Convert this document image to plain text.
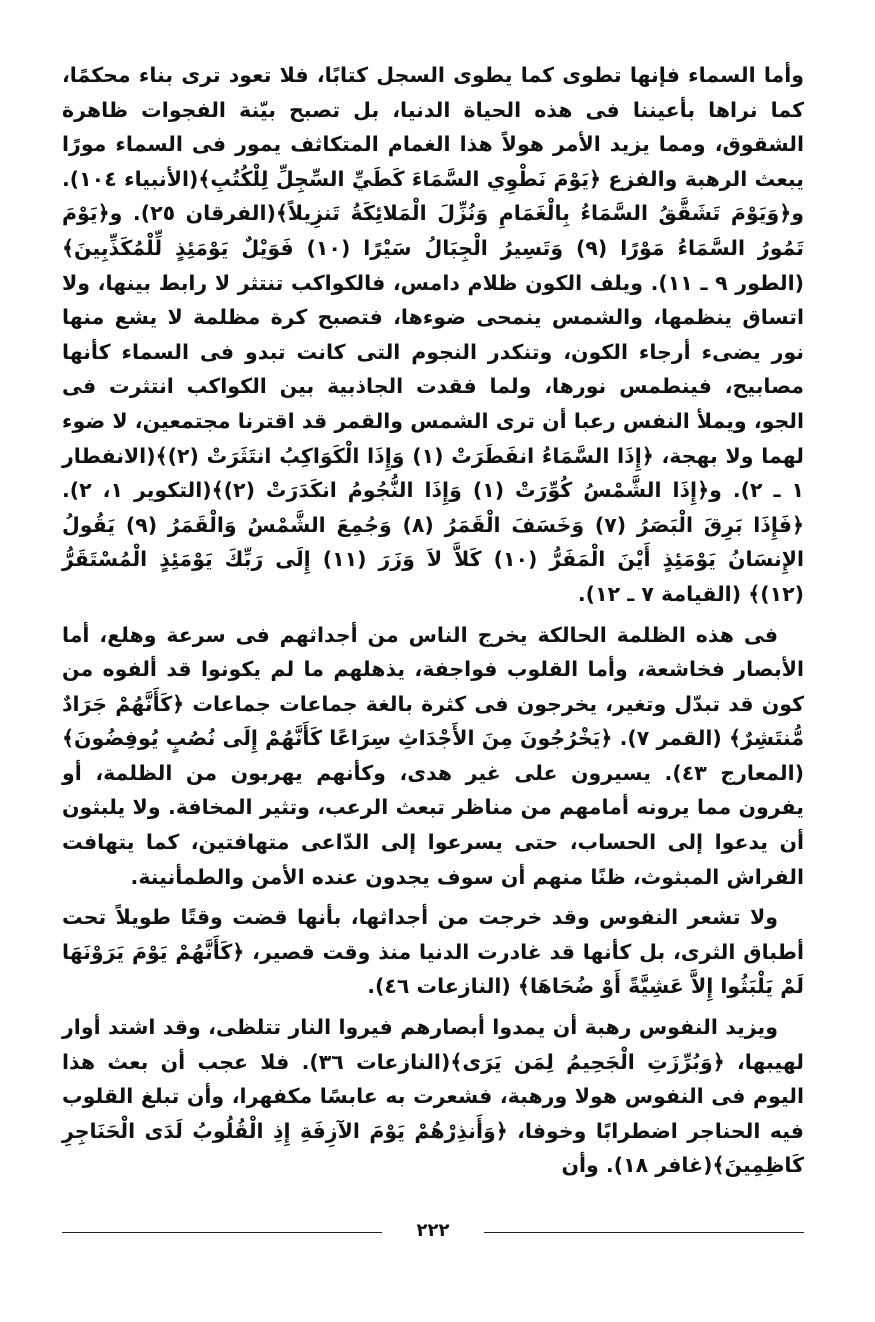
وأما السماء فإنها تطوى كما يطوى السجل كتابًا، فلا تعود ترى بناء محكمًا، كما نراها بأعيننا فى هذه الحياة الدنيا، بل تصبح بيّنة الفجوات ظاهرة الشقوق، ومما يزيد الأمر هولاً هذا الغمام المتكاثف يمور فى السماء مورًا يبعث الرهبة والفزع ﴿يَوْمَ نَطْوِي السَّمَاءَ كَطَيِّ السِّجِلِّ لِلْكُتُبِ﴾(الأنبياء ١٠٤). و﴿وَيَوْمَ تَشَقَّقُ السَّمَاءُ بِالْغَمَامِ وَنُزِّلَ الْمَلائِكَةُ تَنزِيلاً﴾(الفرقان ٢٥). و﴿يَوْمَ تَمُورُ السَّمَاءُ مَوْرًا (٩) وَتَسِيرُ الْجِبَالُ سَيْرًا (١٠) فَوَيْلٌ يَوْمَئِذٍ لِّلْمُكَذِّبِينَ﴾(الطور ٩ ـ ١١). ويلف الكون ظلام دامس، فالكواكب تنتثر لا رابط بينها، ولا اتساق ينظمها، والشمس ينمحى ضوءها، فتصبح كرة مظلمة لا يشع منها نور يضىء أرجاء الكون، وتنكدر النجوم التى كانت تبدو فى السماء كأنها مصابيح، فينطمس نورها، ولما فقدت الجاذبية بين الكواكب انتثرت فى الجو، ويملأ النفس رعبا أن ترى الشمس والقمر قد اقترنا مجتمعين، لا ضوء لهما ولا بهجة، ﴿إِذَا السَّمَاءُ انفَطَرَتْ (١) وَإِذَا الْكَوَاكِبُ انتَثَرَتْ (٢)﴾(الانفطار ١ ـ ٢). و﴿إِذَا الشَّمْسُ كُوِّرَتْ (١) وَإِذَا النُّجُومُ انكَدَرَتْ (٢)﴾(التكوير ١، ٢). ﴿فَإِذَا بَرِقَ الْبَصَرُ (٧) وَخَسَفَ الْقَمَرُ (٨) وَجُمِعَ الشَّمْسُ وَالْقَمَرُ (٩) يَقُولُ الإِنسَانُ يَوْمَئِذٍ أَيْنَ الْمَفَرُّ (١٠) كَلاَّ لاَ وَزَرَ (١١) إِلَى رَبِّكَ يَوْمَئِذٍ الْمُسْتَقَرُّ (١٢)﴾ (القيامة ٧ ـ ١٢).

فى هذه الظلمة الحالكة يخرج الناس من أجداثهم فى سرعة وهلع، أما الأبصار فخاشعة، وأما القلوب فواجفة، يذهلهم ما لم يكونوا قد ألفوه من كون قد تبدّل وتغير، يخرجون فى كثرة بالغة جماعات جماعات ﴿كَأَنَّهُمْ جَرَادٌ مُّنتَشِرٌ﴾ (القمر ٧). ﴿يَخْرُجُونَ مِنَ الأَجْدَاثِ سِرَاعًا كَأَنَّهُمْ إِلَى نُصُبٍ يُوفِضُونَ﴾(المعارج ٤٣). يسيرون على غير هدى، وكأنهم يهربون من الظلمة، أو يفرون مما يرونه أمامهم من مناظر تبعث الرعب، وتثير المخافة. ولا يلبثون أن يدعوا إلى الحساب، حتى يسرعوا إلى الدّاعى متهافتين، كما يتهافت الفراش المبثوث، ظنًا منهم أن سوف يجدون عنده الأمن والطمأنينة.

ولا تشعر النفوس وقد خرجت من أجداثها، بأنها قضت وقتًا طويلاً تحت أطباق الثرى، بل كأنها قد غادرت الدنيا منذ وقت قصير، ﴿كَأَنَّهُمْ يَوْمَ يَرَوْنَهَا لَمْ يَلْبَثُوا إِلاَّ عَشِيَّةً أَوْ ضُحَاهَا﴾ (النازعات ٤٦).

ويزيد النفوس رهبة أن يمدوا أبصارهم فيروا النار تتلظى، وقد اشتد أوار لهيبها، ﴿وَبُرِّزَتِ الْجَحِيمُ لِمَن يَرَى﴾(النازعات ٣٦). فلا عجب أن بعث هذا اليوم فى النفوس هولا ورهبة، فشعرت به عابسًا مكفهرا، وأن تبلغ القلوب فيه الحناجر اضطرابًا وخوفا، ﴿وَأَنذِرْهُمْ يَوْمَ الآزِفَةِ إِذِ الْقُلُوبُ لَدَى الْحَنَاجِرِ كَاظِمِينَ﴾(غافر ١٨). وأن

٢٢٢
